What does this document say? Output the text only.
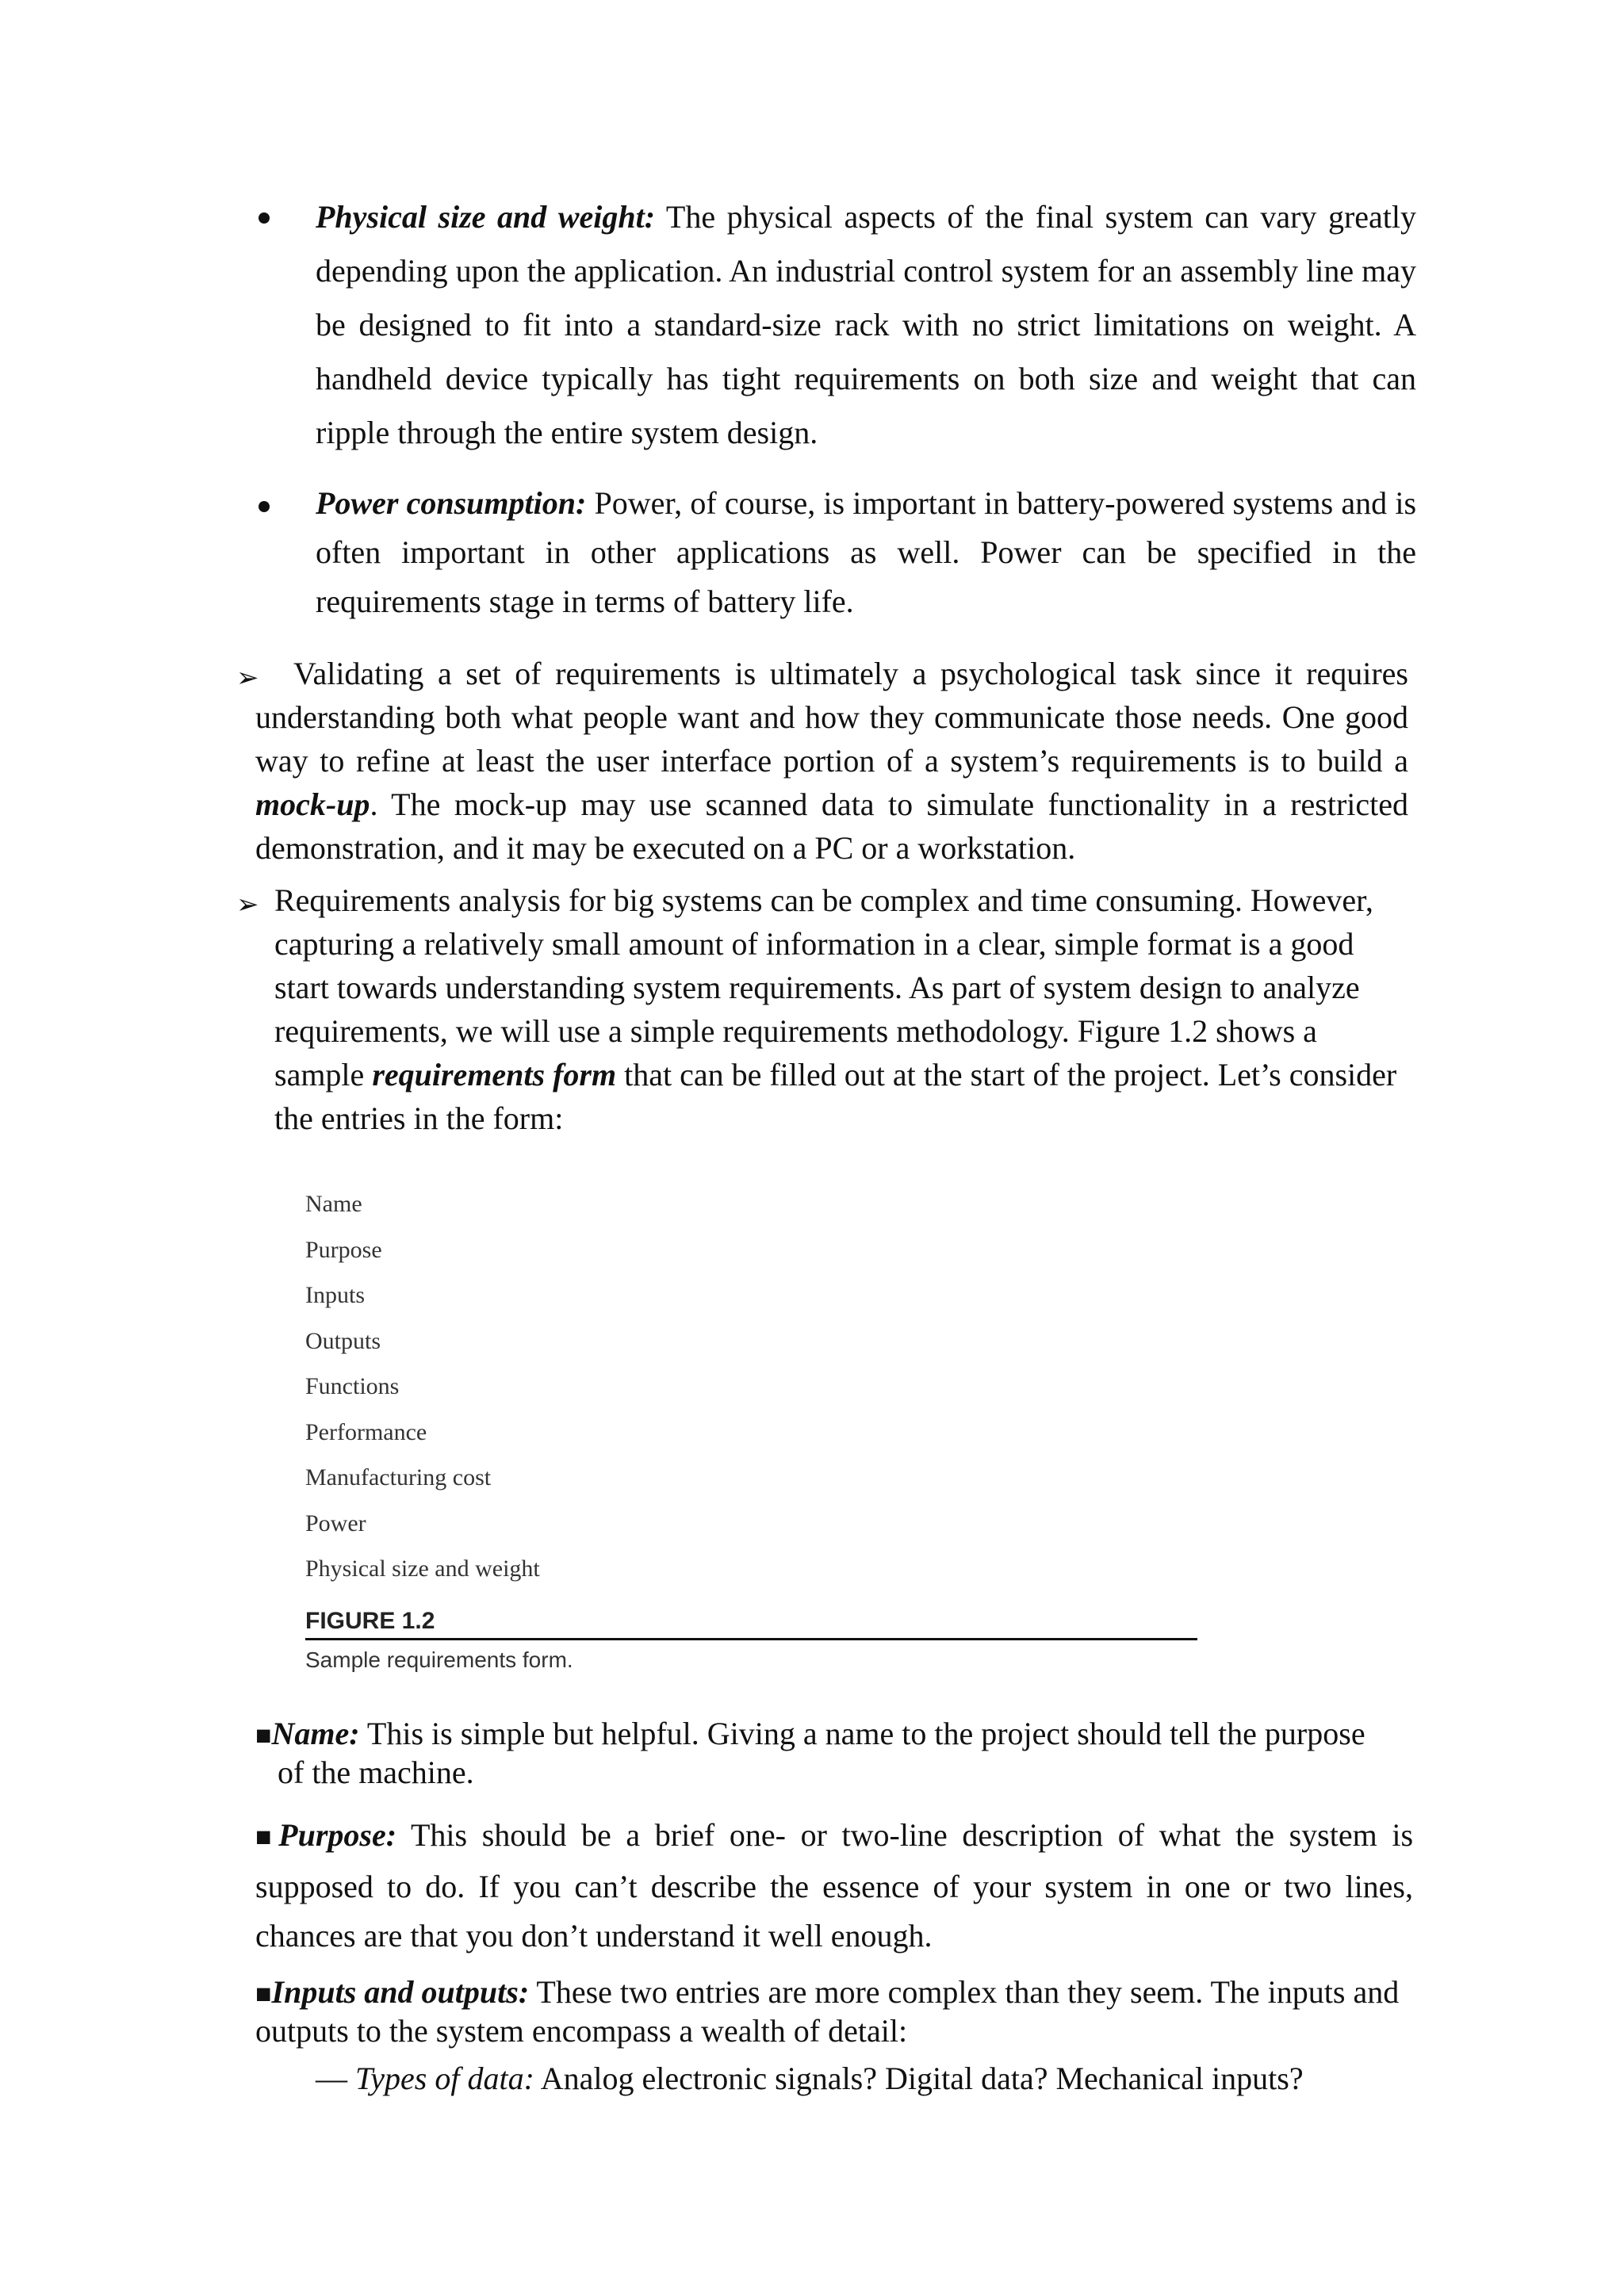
Physical size and weight: The physical aspects of the final system can vary greatly depending upon the application. An industrial control system for an assembly line may be designed to fit into a standard-size rack with no strict limitations on weight. A handheld device typically has tight requirements on both size and weight that can ripple through the entire system design.
Power consumption: Power, of course, is important in battery-powered systems and is often important in other applications as well. Power can be specified in the requirements stage in terms of battery life.
➢	Validating a set of requirements is ultimately a psychological task since it requires understanding both what people want and how they communicate those needs. One good way to refine at least the user interface portion of a system’s requirements is to build a mock-up. The mock-up may use scanned data to simulate functionality in a restricted demonstration, and it may be executed on a PC or a workstation.
➢ Requirements analysis for big systems can be complex and time consuming. However, capturing a relatively small amount of information in a clear, simple format is a good start towards understanding system requirements. As part of system design to analyze requirements, we will use a simple requirements methodology. Figure 1.2 shows a sample requirements form that can be filled out at the start of the project. Let’s consider the entries in the form:
Name
Purpose
Inputs
Outputs
Functions
Performance
Manufacturing cost
Power
Physical size and weight
FIGURE 1.2
Sample requirements form.
■Name: This is simple but helpful. Giving a name to the project should tell the purpose
of the machine.
■Purpose: This should be a brief one- or two-line description of what the system is supposed to do. If you can’t describe the essence of your system in one or two lines, chances are that you don’t understand it well enough.
■Inputs and outputs: These two entries are more complex than they seem. The inputs and outputs to the system encompass a wealth of detail:
— Types of data: Analog electronic signals? Digital data? Mechanical inputs?
